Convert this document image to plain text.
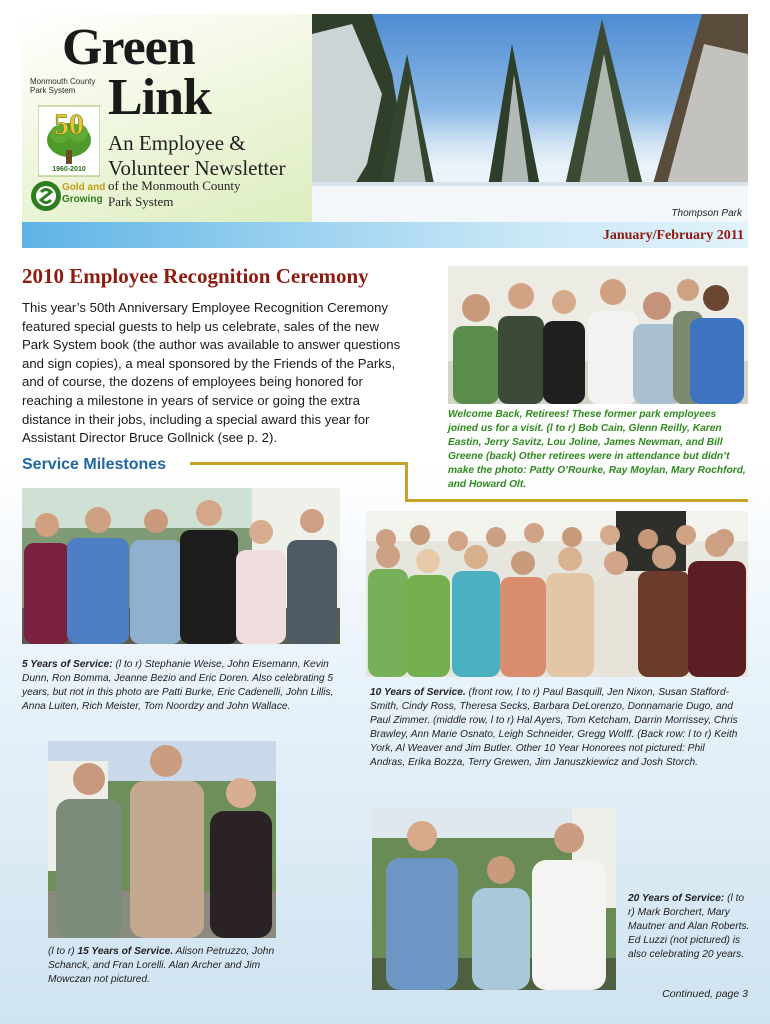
Green
Link
Monmouth County
Park System
50
1960-2010
Gold and
Growing
An Employee &
Volunteer Newsletter
of the Monmouth County
Park System
Thompson Park
January/February 2011
2010 Employee Recognition Ceremony
This year’s 50th Anniversary Employee Recognition Ceremony featured special guests to help us celebrate, sales of the new Park System book (the author was available to answer questions and sign copies), a meal sponsored by the Friends of the Parks, and of course, the dozens of employees being honored for reaching a milestone in years of service or going the extra distance in their jobs, including a special award this year for Assistant Director Bruce Gollnick (see p. 2).
Service Milestones
Welcome Back, Retirees! These former park employees joined us for a visit. (l to r) Bob Cain, Glenn Reilly, Karen Eastin, Jerry Savitz, Lou Joline, James Newman, and Bill Greene (back) Other retirees were in attendance but didn’t make the photo: Patty O’Rourke, Ray Moylan, Mary Rochford, and Howard Olt.
5 Years of Service: (l to r) Stephanie Weise, John Eisemann, Kevin Dunn, Ron Bomma, Jeanne Bezio and Eric Doren. Also celebrating 5 years, but not in this photo are Patti Burke, Eric Cadenelli, John Lillis, Anna Luiten, Rich Meister, Tom Noordzy and John Wallace.
10 Years of Service. (front row, l to r) Paul Basquill, Jen Nixon, Susan Stafford-Smith, Cindy Ross, Theresa Secks, Barbara DeLorenzo, Donnamarie Dugo, and Paul Zimmer. (middle row, l to r) Hal Ayers, Tom Ketcham, Darrin Morrissey, Chris Brawley, Ann Marie Osnato, Leigh Schneider, Gregg Wolff. (Back row: l to r) Keith York, Al Weaver and Jim Butler. Other 10 Year Honorees not pictured: Phil Andras, Erika Bozza, Terry Grewen, Jim Januszkiewicz and Josh Storch.
(l to r) 15 Years of Service. Alison Petruzzo, John Schanck, and Fran Lorelli. Alan Archer and Jim Mowczan not pictured.
20 Years of Service: (l to r) Mark Borchert, Mary Mautner and Alan Roberts. Ed Luzzi (not pictured) is also celebrating 20 years.
Continued, page 3
